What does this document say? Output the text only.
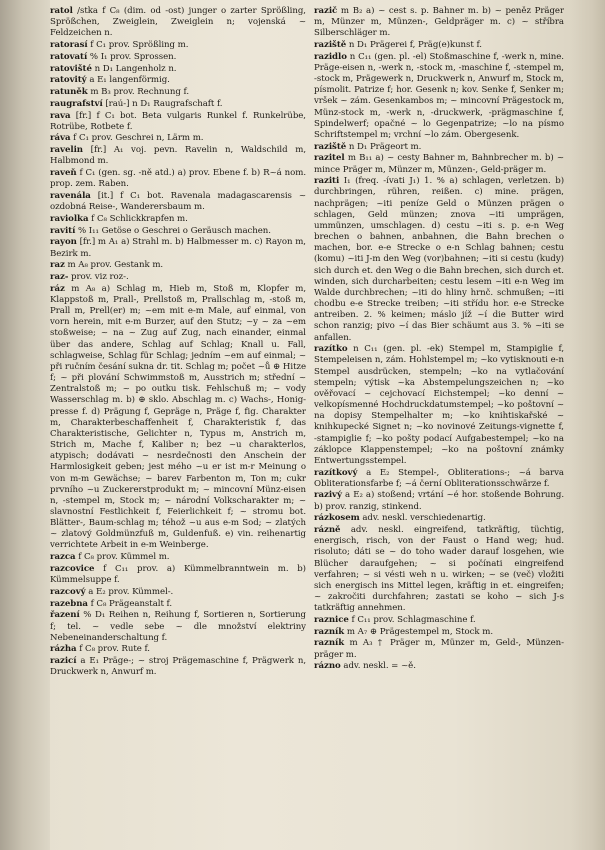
ratol /stka f C₈ (dim. od -ost) junger o zarter Sprößling, Sprößchen, Zweiglein, Zweiglein n; vojenská ~ Feldzeichen n.
ratorasí f C₁ prov. Sprößling m.
ratovatí % I₁ prov. Sprossen.
ratovišté n D₁ Langenholz n.
ratovitý a E₁ langenförmig.
ratuněk m B₃ prov. Rechnung f.
raugrafství [raú-] n D₁ Raugrafschaft f.
rava [fr.] f C₁ bot. Beta vulgaris Runkel f. Runkelrübe, Rotrübe, Rotbete f.
ráva f C₁ prov. Geschrei n, Lärm m.
ravelin [fr.] A₁ voj. pevn. Ravelin n, Waldschild m, Halbmond m.
raveň f C₁ (gen. sg. -ně atd.) a) prov. Ebene f. b) R~á nom. prop. zem. Raben.
ravenála [it.] f C₁ bot. Ravenala madagascarensis ~ ozdobná Reise-, Wanderersbaum m.
raviolka f C₈ Schlickkrapfen m.
ravití % I₁₁ Getöse o Geschrei o Geräusch machen.
rayon [fr.] m A₁ a) Strahl m. b) Halbmesser m. c) Rayon m, Bezirk m.
raz m A₈ prov. Gestank m.
raz- prov. viz roz-.
ráz m A₈ a) Schlag m, Hieb m, Stoß m, Klopfer m, Klappstoß m, Prall-, Prellstoß m, Prallschlag m, -stoß m, Prall m, Prell(er) m; ~em mit e-m Male, auf einmal, von vorn herein, mit e-m Burzer, auf den Stutz; ~y ~ za ~em stoßweise; ~ na ~ Zug auf Zug, nach einander, einmal über das andere, Schlag auf Schlag; Knall u. Fall, schlagweise, Schlag für Schlag; jedním ~em auf einmal; ~ při ručním česání sukna dr. tit. Schlag m; počet ~ů ⊕ Hitze f; ~ při plování Schwimmstoß m, Ausstrich m; střední ~ Zentralstoß m; ~ po outku tisk. Fehlschuß m; ~ vody Wasserschlag m. b) ⊕ sklo. Abschlag m. c) Wachs-, Honig-presse f. d) Prägung f, Gepräge n, Präge f, fig. Charakter m, Charakterbeschaffenheit f, Charakteristik f, das Charakteristische, Gelichter n, Typus m, Anstrich m, Strich m, Mache f, Kaliber n; bez ~u charakterlos, atypisch; dodávati ~ nesrdečnosti den Anschein der Harmlosigkeit geben; jest mého ~u er ist m-r Meinung o von m-m Gewächse; ~ barev Farbenton m, Ton m; cukr prvního ~u Zuckererstprodukt m; ~ mincovní Münz-eisen n, -stempel m, Stock m; ~ národní Volkscharakter m; ~ slavnostní Festlichkeit f, Feierlichkeit f; ~ stromu bot. Blätter-, Baum-schlag m; téhož ~u aus e-m Sod; ~ zlatých ~ zlatový Goldmünzfuß m, Guldenfuß. e) vin. reihenartig verrichtete Arbeit in e-m Weinberge.
razca f C₈ prov. Kümmel m.
razcovice f C₁₁ prov. a) Kümmelbranntwein m. b) Kümmelsuppe f.
razcový a E₂ prov. Kümmel-.
razebna f C₈ Prägeanstalt f.
řazení % D₁ Reihen n, Reihung f, Sortieren n, Sortierung f; tel. ~ vedle sebe ~ dle množství elektriny Nebeneinanderschaltung f.
rázha f C₈ prov. Rute f.
razicí a E₁ Präge-; ~ stroj Prägemaschine f, Prägwerk n, Druckwerk n, Anwurf m.
razič m B₂ a) ~ cest s. p. Bahner m. b) ~ peněz Präger m, Münzer m, Münzen-, Geldpräger m. c) ~ stříbra Silberschläger m.
raziště n D₁ Prägerei f, Präg(e)kunst f.
razidlo n C₁₁ (gen. pl. -el) Stoßmaschine f, -werk n, mine. Präge-eisen n, -werk n, -stock m, -maschine f, -stempel m, -stock m, Prägewerk n, Druckwerk n, Anwurf m, Stock m, písmolit. Patrize f; hor. Gesenk n; kov. Senke f, Senker m; vršek ~ zám. Gesenkambos m; ~ mincovní Prägestock m, Münz-stock m, -werk n, -druckwerk, -prägmaschine f, Spindelwerf; opačné ~ lo Gegenpatrize; ~lo na písmo Schriftstempel m; vrchní ~lo zám. Obergesenk.
raziště n D₁ Prägeort m.
razitel m B₁₁ a) ~ cesty Bahner m, Bahnbrecher m. b) ~ mince Präger m, Münzer m, Münzen-, Geld-präger m.
raziti I₁ (freq. -ívati J₁) 1. % a) schlagen, verletzen. b) durchbringen, rühren, reißen. c) mine. prägen, nachprägen; ~iti peníze Geld o Münzen prägen o schlagen, Geld münzen; znova ~iti umprägen, ummünzen, umschlagen. d) cestu ~iti s. p. e-n Weg brechen o bahnen, anbahnen, die Bahn brechen o machen, bor. e-e Strecke o e-n Schlag bahnen; cestu (komu) ~iti J-m den Weg (vor)bahnen; ~iti si cestu (kudy) sich durch et. den Weg o die Bahn brechen, sich durch et. winden, sich durcharbeiten; cestu lesem ~iti e-n Weg im Walde durchbrechen; ~iti do hliny hrnč. schmußen; ~iti chodbu e-e Strecke treiben; ~iti střídu hor. e-e Strecke antreiben. 2. % keimen; máslo jíž ~í die Butter wird schon ranzig; pivo ~í das Bier schäumt aus 3. % ~iti se anfallen.
razítko n C₁₁ (gen. pl. -ek) Stempel m, Stampiglie f, Stempeleisen n, zám. Hohlstempel m; ~ko vytisknouti e-n Stempel ausdrücken, stempeln; ~ko na vytlačování stempeln; výtisk ~ka Abstempelungszeichen n; ~ko ověřovací ~ cejchovací Eichstempel; ~ko denní ~ velkopísmenné Hochdruckdatumstempel; ~ko poštovní ~ na dopisy Stempelhalter m; ~ko knihtiskařské ~ knihkupecké Signet n; ~ko novinové Zeitungs-vignette f, -stampiglie f; ~ko pošty podací Aufgabestempel; ~ko na záklopce Klappenstempel; ~ko na poštovní známky Entwertungsstempel.
razítkový a E₂ Stempel-, Obliterations-; ~á barva Obliterationsfarbe f; ~á černí Obliterationsschwärze f.
razivý a E₂ a) stoßend; vrtání ~é hor. stoßende Bohrung. b) prov. ranzig, stinkend.
rázkosem adv. neskl. verschiedenartig.
rázně adv. neskl. eingreifend, tatkräftig, tüchtig, energisch, risch, von der Faust o Hand weg; hud. risoluto; dáti se ~ do toho wader darauf losgehen, wie Blücher daraufgehen; ~ si počínati eingreifend verfahren; ~ si vésti weh n u. wirken; ~ se (več) vložiti sich energisch ins Mittel legen, kräftig in et. eingreifen; ~ zakročiti durchfahren; zastati se koho ~ sich J-s tatkräftig annehmen.
raznice f C₁₁ prov. Schlagmaschine f.
razník m A₇ ⊕ Prägestempel m, Stock m.
razník m A₃ † Präger m, Münzer m, Geld-, Münzen-präger m.
rázno adv. neskl. = ~ě.
